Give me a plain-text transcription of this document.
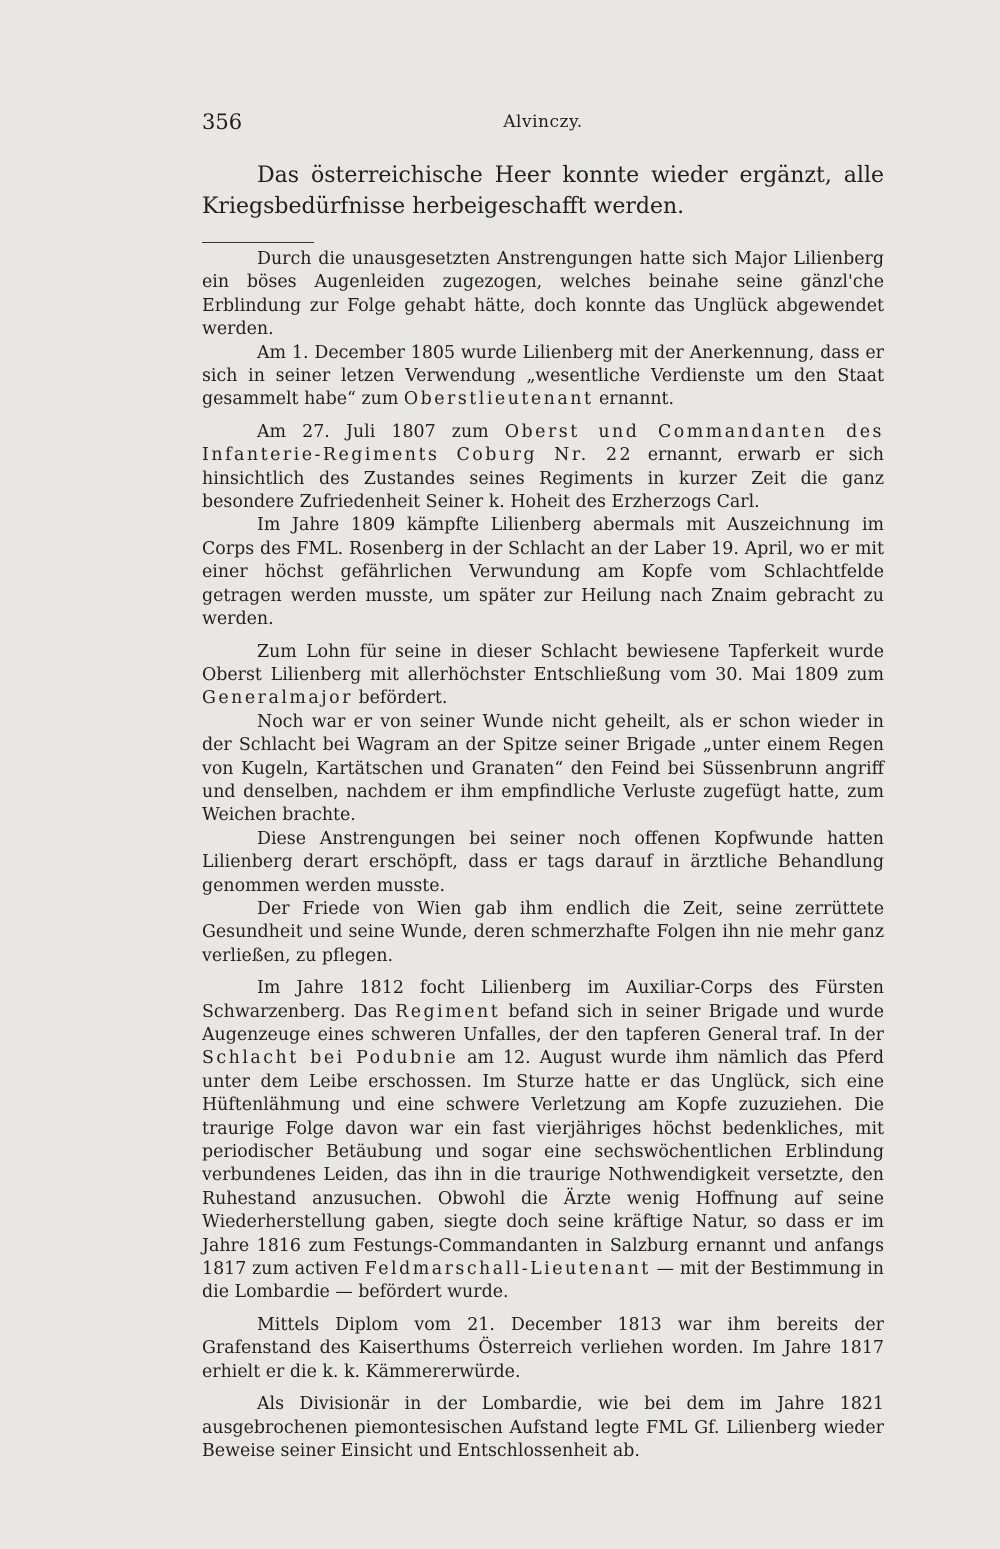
356	Alvinczy.

Das österreichische Heer konnte wieder ergänzt, alle Kriegsbedürfnisse herbeigeschafft werden.

Durch die unausgesetzten Anstrengungen hatte sich Major Lilienberg ein böses Augenleiden zugezogen, welches beinahe seine gänzl'che Erblindung zur Folge gehabt hätte, doch konnte das Unglück abgewendet werden.

Am 1. December 1805 wurde Lilienberg mit der Anerkennung, dass er sich in seiner letzen Verwendung „wesentliche Verdienste um den Staat gesammelt habe“ zum Oberstlieutenant ernannt.

Am 27. Juli 1807 zum Oberst und Commandanten des Infanterie-Regiments Coburg Nr. 22 ernannt, erwarb er sich hinsichtlich des Zustandes seines Regiments in kurzer Zeit die ganz besondere Zufriedenheit Seiner k. Hoheit des Erzherzogs Carl.

Im Jahre 1809 kämpfte Lilienberg abermals mit Auszeichnung im Corps des FML. Rosenberg in der Schlacht an der Laber 19. April, wo er mit einer höchst gefährlichen Verwundung am Kopfe vom Schlachtfelde getragen werden musste, um später zur Heilung nach Znaim gebracht zu werden.

Zum Lohn für seine in dieser Schlacht bewiesene Tapferkeit wurde Oberst Lilienberg mit allerhöchster Entschließung vom 30. Mai 1809 zum Generalmajor befördert.

Noch war er von seiner Wunde nicht geheilt, als er schon wieder in der Schlacht bei Wagram an der Spitze seiner Brigade „unter einem Regen von Kugeln, Kartätschen und Granaten“ den Feind bei Süssenbrunn angriff und denselben, nachdem er ihm empfindliche Verluste zugefügt hatte, zum Weichen brachte.

Diese Anstrengungen bei seiner noch offenen Kopfwunde hatten Lilienberg derart erschöpft, dass er tags darauf in ärztliche Behandlung genommen werden musste.

Der Friede von Wien gab ihm endlich die Zeit, seine zerrüttete Gesundheit und seine Wunde, deren schmerzhafte Folgen ihn nie mehr ganz verließen, zu pflegen.

Im Jahre 1812 focht Lilienberg im Auxiliar-Corps des Fürsten Schwarzenberg. Das Regiment befand sich in seiner Brigade und wurde Augenzeuge eines schweren Unfalles, der den tapferen General traf. In der Schlacht bei Podubnie am 12. August wurde ihm nämlich das Pferd unter dem Leibe erschossen. Im Sturze hatte er das Unglück, sich eine Hüftenlähmung und eine schwere Verletzung am Kopfe zuzuziehen. Die traurige Folge davon war ein fast vierjähriges höchst bedenkliches, mit periodischer Betäubung und sogar eine sechswöchentlichen Erblindung verbundenes Leiden, das ihn in die traurige Nothwendigkeit versetzte, den Ruhestand anzusuchen. Obwohl die Ärzte wenig Hoffnung auf seine Wiederherstellung gaben, siegte doch seine kräftige Natur, so dass er im Jahre 1816 zum Festungs-Commandanten in Salzburg ernannt und anfangs 1817 zum activen Feldmarschall-Lieutenant — mit der Bestimmung in die Lombardie — befördert wurde.

Mittels Diplom vom 21. December 1813 war ihm bereits der Grafenstand des Kaiserthums Österreich verliehen worden. Im Jahre 1817 erhielt er die k. k. Kämmererwürde.

Als Divisionär in der Lombardie, wie bei dem im Jahre 1821 ausgebrochenen piemontesischen Aufstand legte FML Gf. Lilienberg wieder Beweise seiner Einsicht und Entschlossenheit ab.
